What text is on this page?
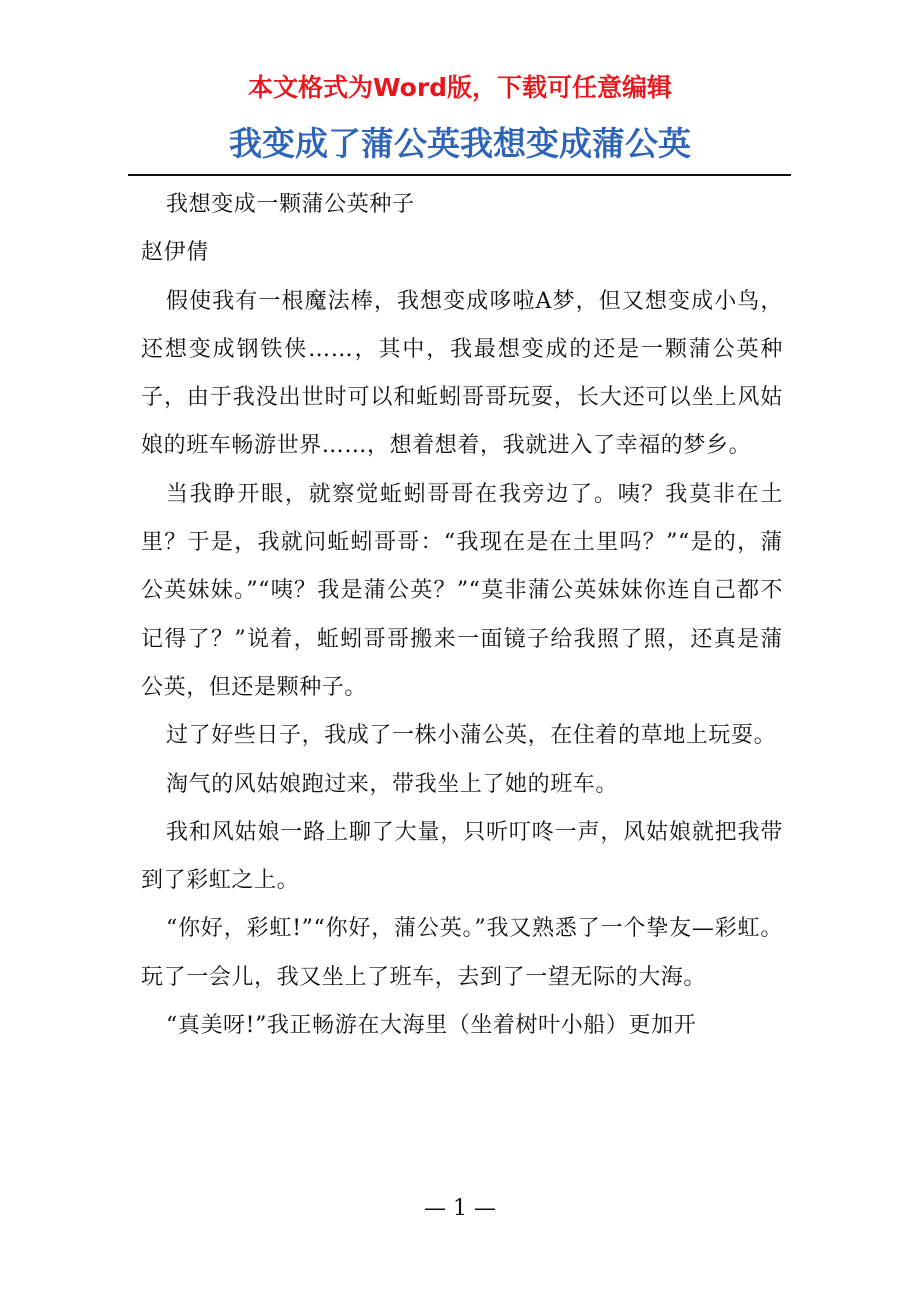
本文格式为Word版，下载可任意编辑
我变成了蒲公英我想变成蒲公英

我想变成一颗蒲公英种子

赵伊倩

假使我有一根魔法棒，我想变成哆啦A梦，但又想变成小鸟，还想变成钢铁侠……，其中，我最想变成的还是一颗蒲公英种子，由于我没出世时可以和蚯蚓哥哥玩耍，长大还可以坐上风姑娘的班车畅游世界……，想着想着，我就进入了幸福的梦乡。

当我睁开眼，就察觉蚯蚓哥哥在我旁边了。咦？我莫非在土里？于是，我就问蚯蚓哥哥：“我现在是在土里吗？”“是的，蒲公英妹妹。”“咦？我是蒲公英？”“莫非蒲公英妹妹你连自己都不记得了？”说着，蚯蚓哥哥搬来一面镜子给我照了照，还真是蒲公英，但还是颗种子。

过了好些日子，我成了一株小蒲公英，在住着的草地上玩耍。

淘气的风姑娘跑过来，带我坐上了她的班车。

我和风姑娘一路上聊了大量，只听叮咚一声，风姑娘就把我带到了彩虹之上。

“你好，彩虹!”“你好，蒲公英。”我又熟悉了一个挚友—彩虹。玩了一会儿，我又坐上了班车，去到了一望无际的大海。

“真美呀!”我正畅游在大海里（坐着树叶小船）更加开

— 1 —
